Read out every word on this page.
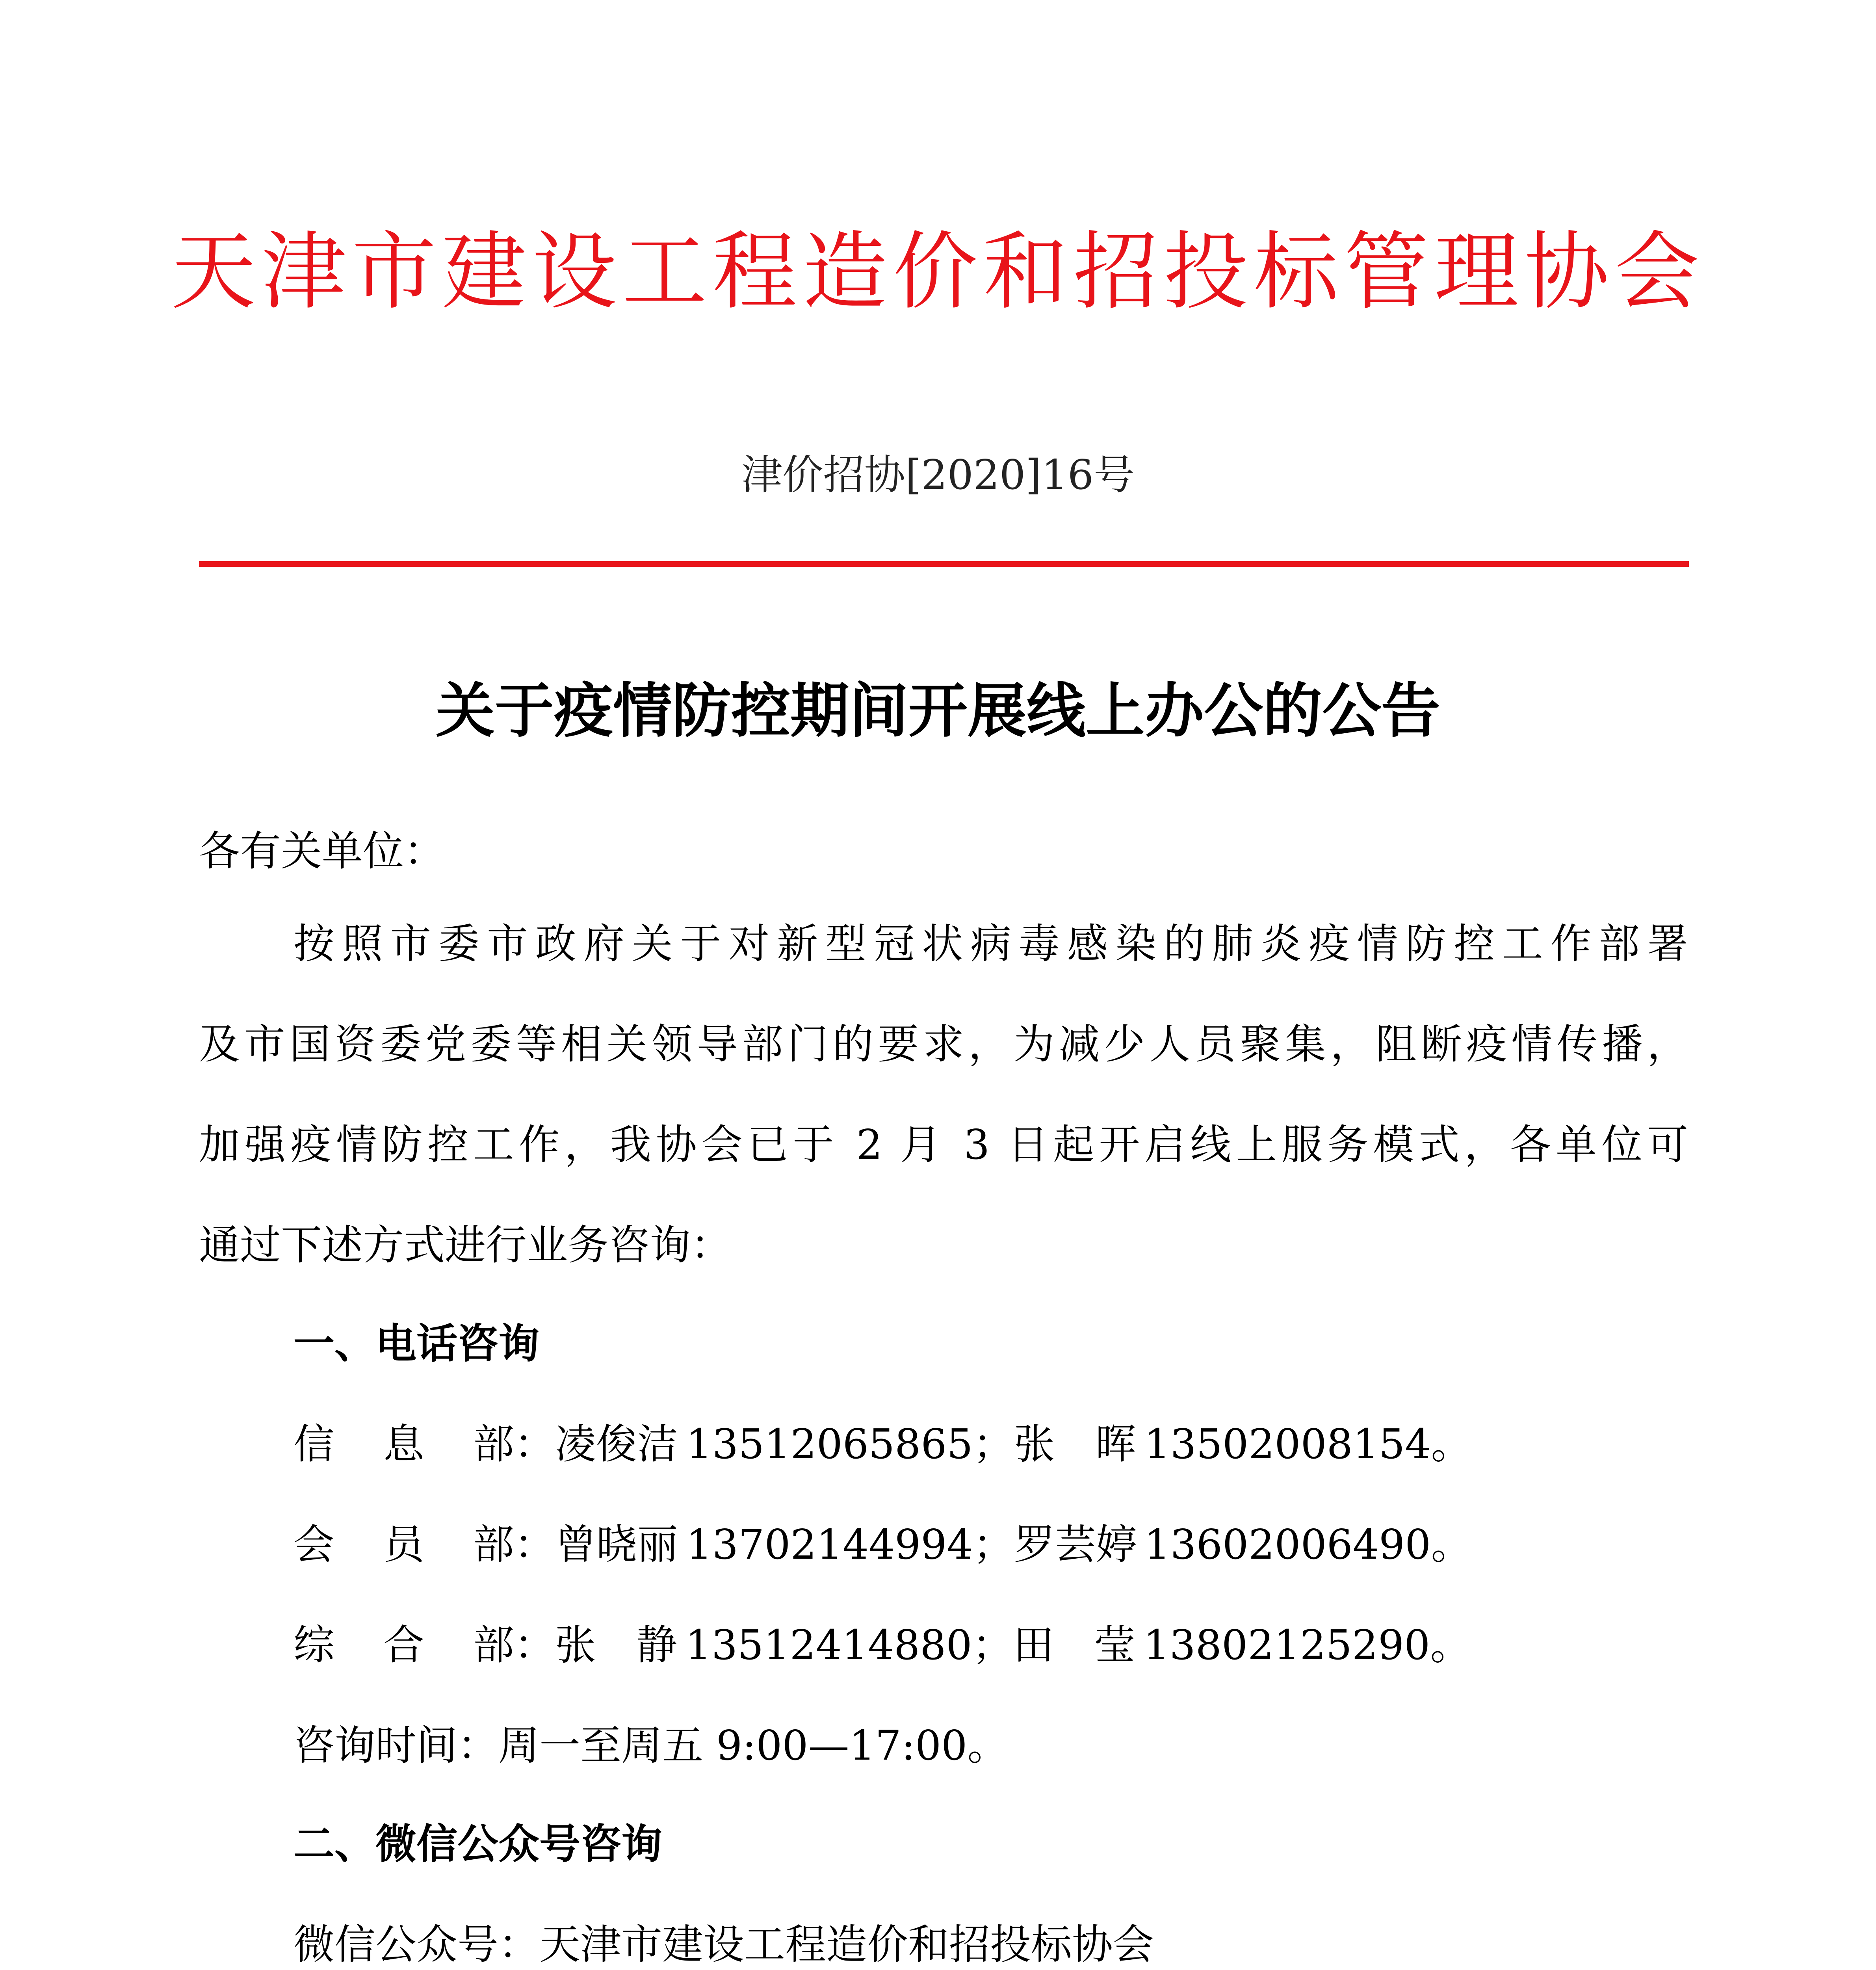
天津市建设工程造价和招投标管理协会
津价招协[2020]16号
关于疫情防控期间开展线上办公的公告
各有关单位：
按照市委市政府关于对新型冠状病毒感染的肺炎疫情防控工作部署
及市国资委党委等相关领导部门的要求，为减少人员聚集，阻断疫情传播，
加强疫情防控工作，我协会已于 2 月 3 日起开启线上服务模式，各单位可
通过下述方式进行业务咨询：
一、电话咨询
信息部 ： 凌俊洁
  13512065865 ； 张晖
  13502008154 。
会员部 ： 曾晓丽
  13702144994 ； 罗芸婷
  13602006490 。
综合部 ： 张静
  13512414880 ； 田莹
  13802125290 。
咨询时间：周一至周五 9:00—17:00。
二、微信公众号咨询
微信公众号：天津市建设工程造价和招投标协会
